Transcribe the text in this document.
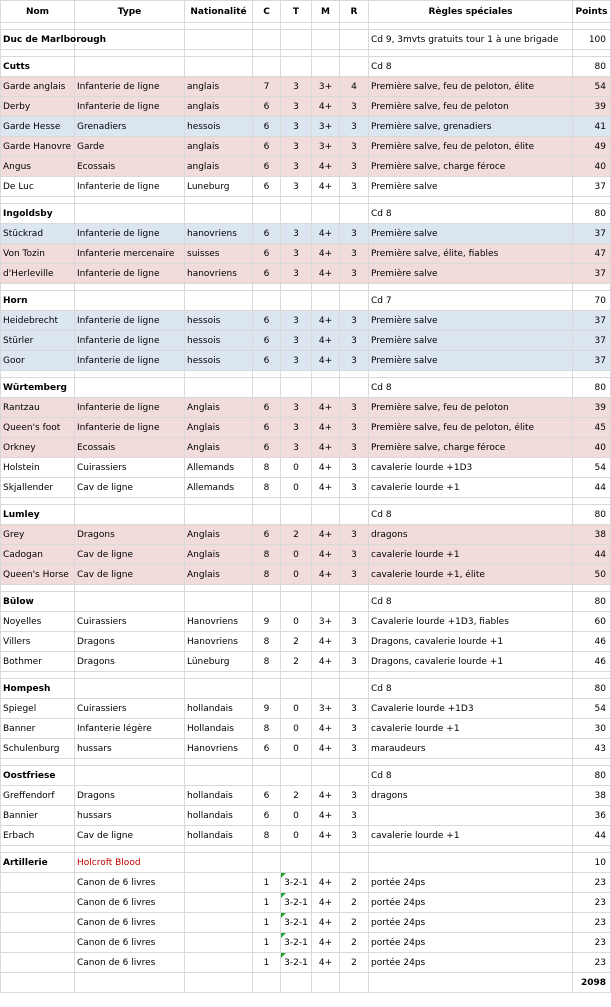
Nom	Type	Nationalité	C	T	M	R	Règles spéciales	Points

Duc de Marlborough							Cd 9, 3mvts gratuits tour 1 à une brigade	100

Cutts							Cd 8	80
Garde anglais	Infanterie de ligne	anglais	7	3	3+	4	Première salve, feu de peloton, élite	54
Derby	Infanterie de ligne	anglais	6	3	4+	3	Première salve, feu de peloton	39
Garde Hesse	Grenadiers	hessois	6	3	3+	3	Première salve, grenadiers	41
Garde Hanovre	Garde	anglais	6	3	3+	3	Première salve, feu de peloton, élite	49
Angus	Ecossais	anglais	6	3	4+	3	Première salve, charge féroce	40
De Luc	Infanterie de ligne	Luneburg	6	3	4+	3	Première salve	37

Ingoldsby							Cd 8	80
Stückrad	Infanterie de ligne	hanovriens	6	3	4+	3	Première salve	37
Von Tozin	Infanterie mercenaire	suisses	6	3	4+	3	Première salve, élite, fiables	47
d'Herleville	Infanterie de ligne	hanovriens	6	3	4+	3	Première salve	37

Horn							Cd 7	70
Heidebrecht	Infanterie de ligne	hessois	6	3	4+	3	Première salve	37
Stürler	Infanterie de ligne	hessois	6	3	4+	3	Première salve	37
Goor	Infanterie de ligne	hessois	6	3	4+	3	Première salve	37

Würtemberg							Cd 8	80
Rantzau	Infanterie de ligne	Anglais	6	3	4+	3	Première salve, feu de peloton	39
Queen's foot	Infanterie de ligne	Anglais	6	3	4+	3	Première salve, feu de peloton, élite	45
Orkney	Ecossais	Anglais	6	3	4+	3	Première salve, charge féroce	40
Holstein	Cuirassiers	Allemands	8	0	4+	3	cavalerie lourde +1D3	54
Skjallender	Cav de ligne	Allemands	8	0	4+	3	cavalerie lourde +1	44

Lumley							Cd 8	80
Grey	Dragons	Anglais	6	2	4+	3	dragons	38
Cadogan	Cav de ligne	Anglais	8	0	4+	3	cavalerie lourde +1	44
Queen's Horse	Cav de ligne	Anglais	8	0	4+	3	cavalerie lourde +1, élite	50

Bülow							Cd 8	80
Noyelles	Cuirassiers	Hanovriens	9	0	3+	3	Cavalerie lourde +1D3, fiables	60
Villers	Dragons	Hanovriens	8	2	4+	3	Dragons, cavalerie lourde +1	46
Bothmer	Dragons	Lüneburg	8	2	4+	3	Dragons, cavalerie lourde +1	46

Hompesh							Cd 8	80
Spiegel	Cuirassiers	hollandais	9	0	3+	3	Cavalerie lourde +1D3	54
Banner	Infanterie légère	Hollandais	8	0	4+	3	cavalerie lourde +1	30
Schulenburg	hussars	Hanovriens	6	0	4+	3	maraudeurs	43

Oostfriese							Cd 8	80
Greffendorf	Dragons	hollandais	6	2	4+	3	dragons	38
Bannier	hussars	hollandais	6	0	4+	3		36
Erbach	Cav de ligne	hollandais	8	0	4+	3	cavalerie lourde +1	44

Artillerie	Holcroft Blood							10
	Canon de 6 livres		1	3-2-1	4+	2	portée 24ps	23
	Canon de 6 livres		1	3-2-1	4+	2	portée 24ps	23
	Canon de 6 livres		1	3-2-1	4+	2	portée 24ps	23
	Canon de 6 livres		1	3-2-1	4+	2	portée 24ps	23
	Canon de 6 livres		1	3-2-1	4+	2	portée 24ps	23
								2098
